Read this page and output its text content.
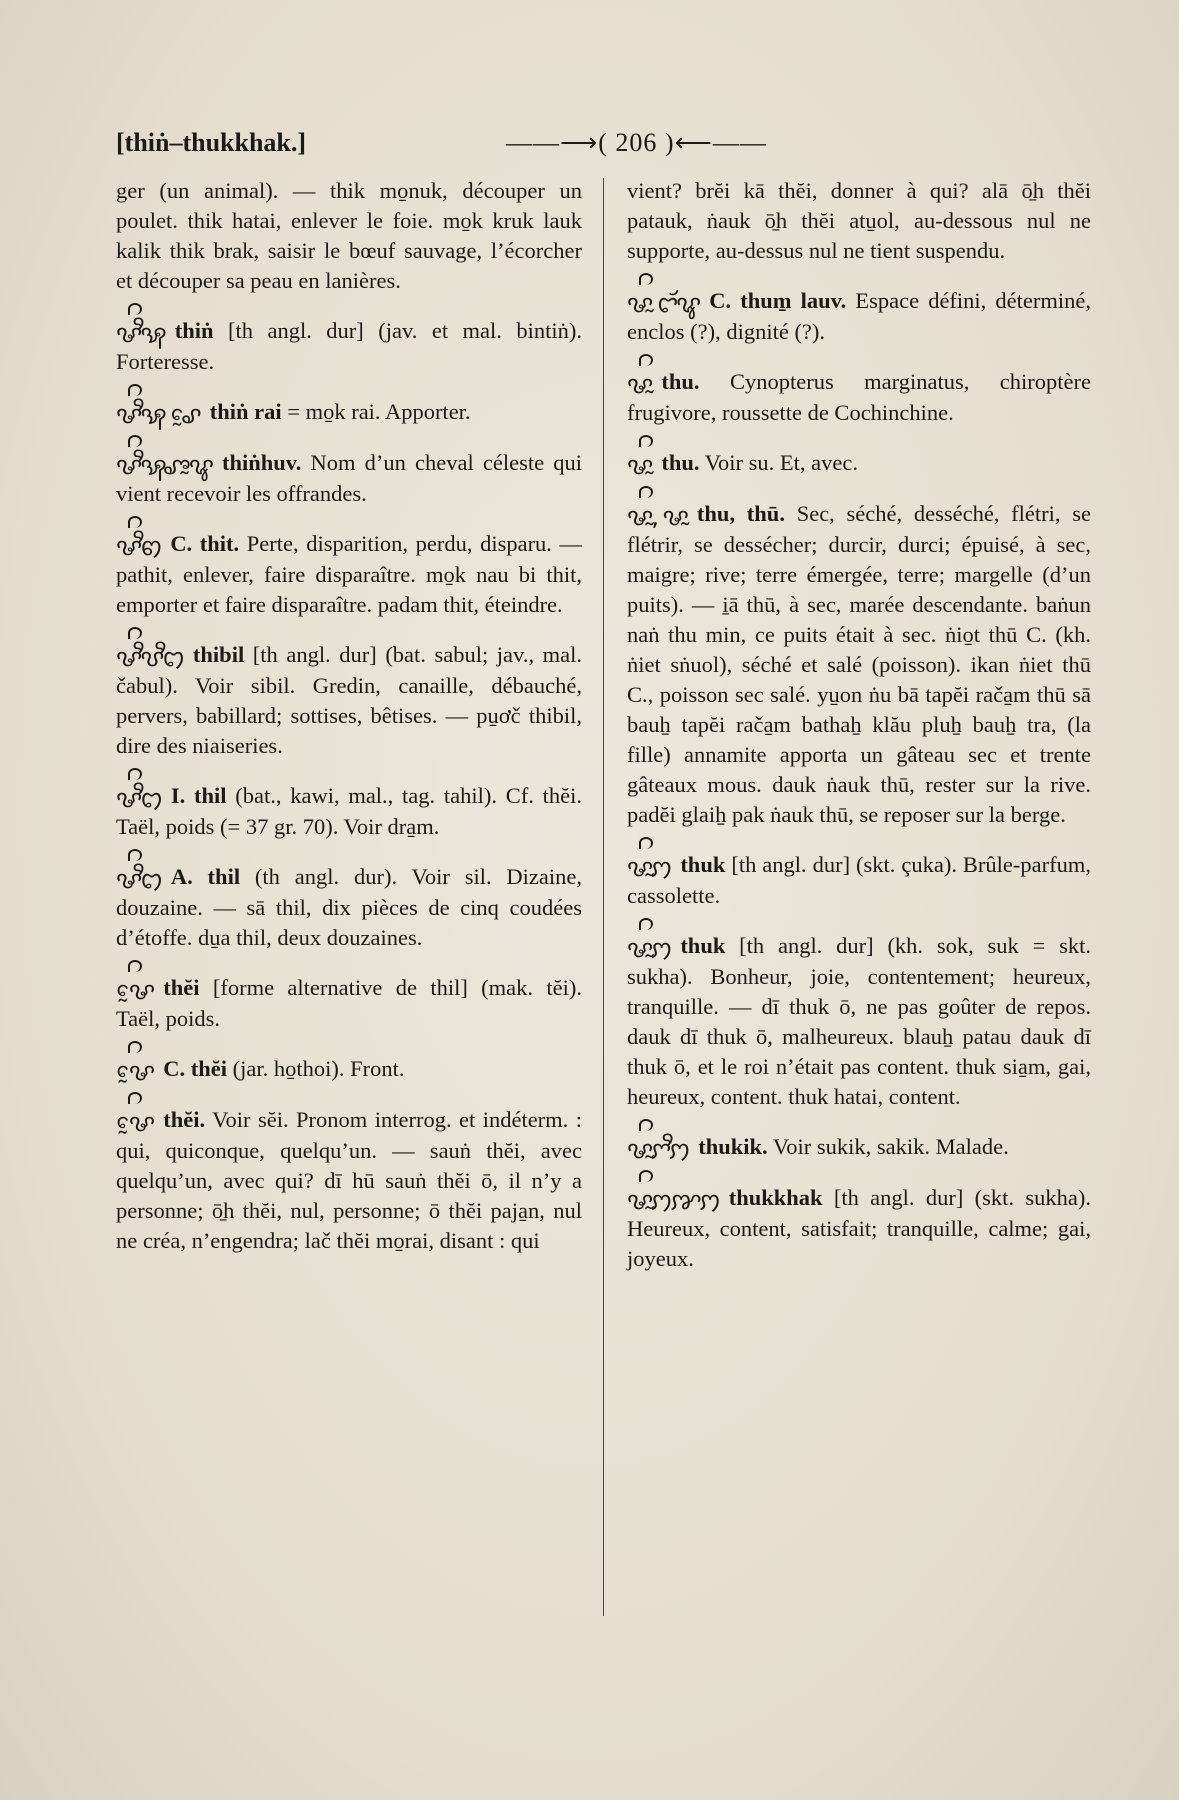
[thiṅ–thukkhak.]	——⟶( 206 )⟵——

ger (un animal). — thik mo̱nuk, découper un poulet. thik hatai, enlever le foie. mo̱k kruk lauk kalik thik brak, saisir le bœuf sauvage, l’écorcher et découper sa peau en lanières.

ꨔꨪꩂ thiṅ [th angl. dur] (jav. et mal. bintiṅ). Forteresse.

ꨔꨪꩂ ꨣꨰ thiṅ rai = mo̱k rai. Apporter.

ꨔꨪꩂꨨꨭꨥ thiṅhuv. Nom d’un cheval céleste qui vient recevoir les offrandes.

ꨔꨪꩅ C. thit. Perte, disparition, perdu, disparu. — pathit, enlever, faire disparaître. mo̱k nau bi thit, emporter et faire disparaître. padam thit, éteindre.

ꨔꨪꨝꨪꩊ thibil [th angl. dur] (bat. sabul; jav., mal. čabul). Voir sibil. Gredin, canaille, débauché, pervers, babillard; sottises, bêtises. — pu̱ơč thibil, dire des niaiseries.

ꨔꨪꩊ I. thil (bat., kawi, mal., tag. tahil). Cf. thĕi. Taël, poids (= 37 gr. 70). Voir dra̱m.

ꨔꨪꩊ A. thil (th angl. dur). Voir sil. Dizaine, douzaine. — sā thil, dix pièces de cinq coudées d’étoffe. du̱a thil, deux douzaines.

ꨔꨰ thĕi [forme alternative de thil] (mak. tĕi). Taël, poids.

ꨔꨰ C. thĕi (jar. ho̱thoi). Front.

ꨔꨰ thĕi. Voir sĕi. Pronom interrog. et indéterm. : qui, quiconque, quelqu’un. — sauṅ thĕi, avec quelqu’un, avec qui? dī hū sauṅ thĕi ō, il n’y a personne; ō̱h thĕi, nul, personne; ō thĕi paja̱n, nul ne créa, n’engendra; lač thĕi mo̱rai, disant : qui

vient? brĕi kā thĕi, donner à qui? alā ō̱h thĕi patauk, ṅauk ō̱h thĕi atu̱ol, au-dessous nul ne supporte, au-dessus nul ne tient suspendu.

ꨔꨭ ꨤꨮꨥ C. thum̱ lauv. Espace défini, déterminé, enclos (?), dignité (?).

ꨔꨭ thu. Cynopterus marginatus, chiroptère frugivore, roussette de Cochinchine.

ꨔꨭ thu. Voir su. Et, avec.

ꨔꨭ, ꨔꨭ thu, thū. Sec, séché, desséché, flétri, se flétrir, se dessécher; durcir, durci; épuisé, à sec, maigre; rive; terre émergée, terre; margelle (d’un puits). — i̱ā thū, à sec, marée descendante. baṅun naṅ thu min, ce puits était à sec. ṅio̱t thū C. (kh. ṅiet sṅuol), séché et salé (poisson). ikan ṅiet thū C., poisson sec salé. yu̱on ṅu bā tapĕi rača̱m thū sā bauẖ tapĕi rača̱m bathaẖ klău pluẖ bauẖ tra, (la fille) annamite apporta un gâteau sec et trente gâteaux mous. dauk ṅauk thū, rester sur la rive. padĕi glaiẖ pak ṅauk thū, se reposer sur la berge.

ꨔꨭꩀ thuk [th angl. dur] (skt. çuka). Brûle-parfum, cassolette.

ꨔꨭꩀ thuk [th angl. dur] (kh. sok, suk = skt. sukha). Bonheur, joie, contentement; heureux, tranquille. — dī thuk ō, ne pas goûter de repos. dauk dī thuk ō, malheureux. blauẖ patau dauk dī thuk ō, et le roi n’était pas content. thuk sia̱m, gai, heureux, content. thuk hatai, content.

ꨔꨭꨆꨪꩀ thukik. Voir sukik, sakik. Malade.

ꨔꨭꩀꨇꩀ thukkhak [th angl. dur] (skt. sukha). Heureux, content, satisfait; tranquille, calme; gai, joyeux.
